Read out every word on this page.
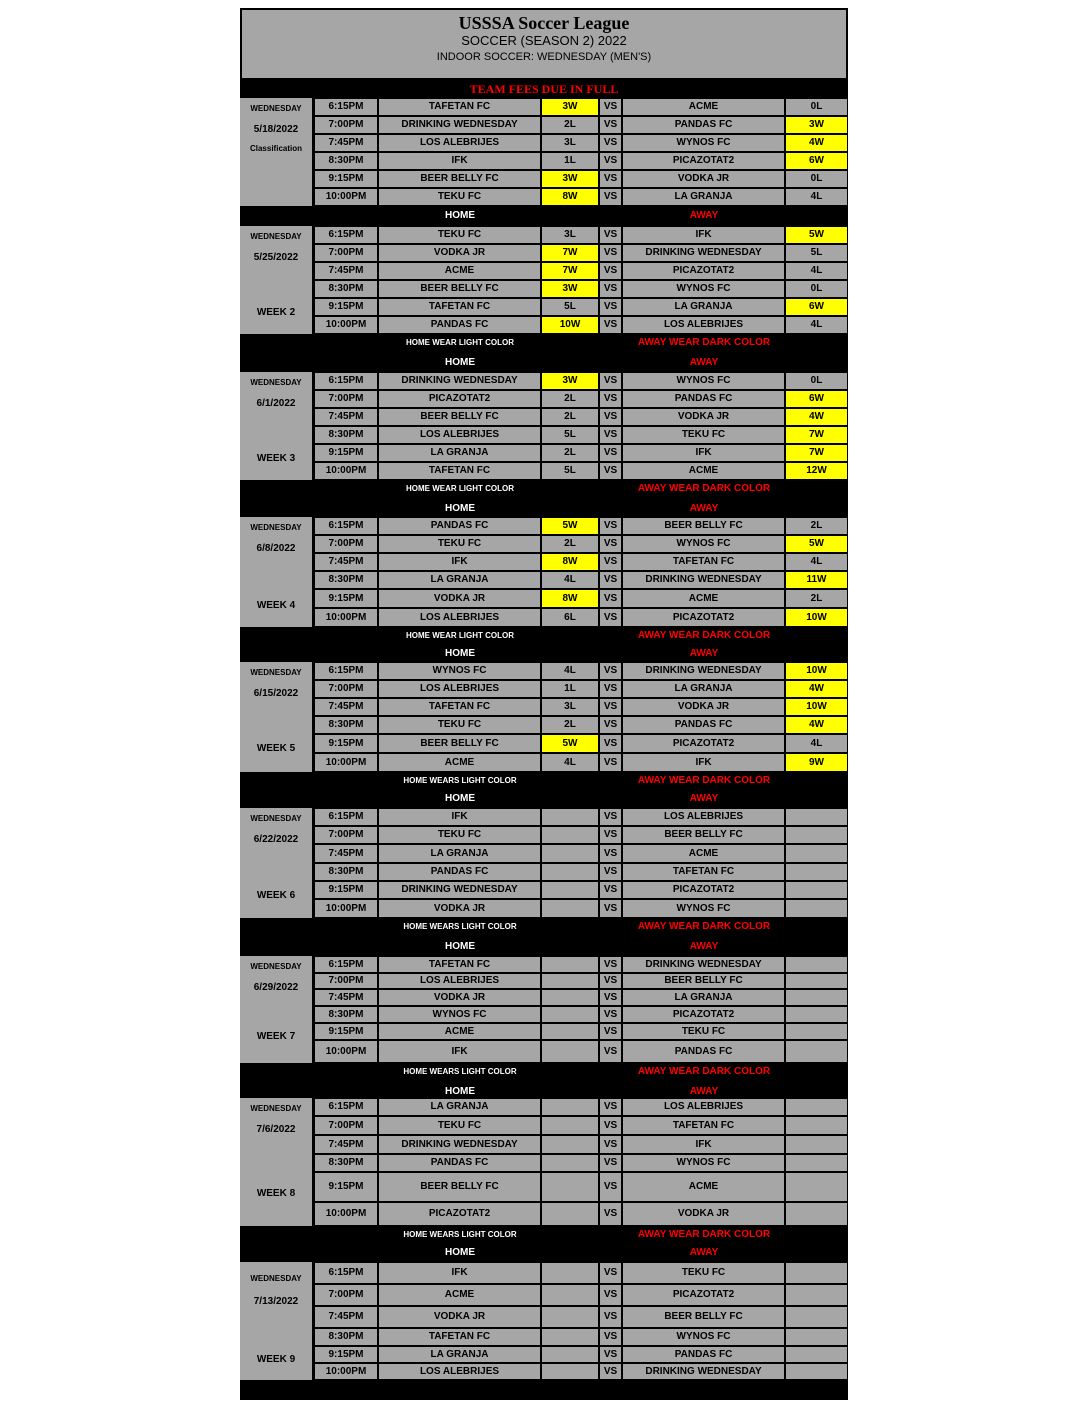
USSSA Soccer League
SOCCER (SEASON 2) 2022
INDOOR SOCCER: WEDNESDAY (MEN'S)
TEAM FEES DUE IN FULL
WEDNESDAY
5/18/2022
Classification
6:15PM	TAFETAN FC	3W	VS	ACME	0L
7:00PM	DRINKING WEDNESDAY	2L	VS	PANDAS FC	3W
7:45PM	LOS ALEBRIJES	3L	VS	WYNOS FC	4W
8:30PM	IFK	1L	VS	PICAZOTAT2	6W
9:15PM	BEER BELLY FC	3W	VS	VODKA JR	0L
10:00PM	TEKU FC	8W	VS	LA GRANJA	4L
HOME	AWAY
WEDNESDAY
5/25/2022
WEEK 2
6:15PM	TEKU FC	3L	VS	IFK	5W
7:00PM	VODKA JR	7W	VS	DRINKING WEDNESDAY	5L
7:45PM	ACME	7W	VS	PICAZOTAT2	4L
8:30PM	BEER BELLY FC	3W	VS	WYNOS FC	0L
9:15PM	TAFETAN FC	5L	VS	LA GRANJA	6W
10:00PM	PANDAS FC	10W	VS	LOS ALEBRIJES	4L
HOME WEAR LIGHT COLOR	AWAY WEAR DARK COLOR
HOME	AWAY
WEDNESDAY
6/1/2022
WEEK 3
6:15PM	DRINKING WEDNESDAY	3W	VS	WYNOS FC	0L
7:00PM	PICAZOTAT2	2L	VS	PANDAS FC	6W
7:45PM	BEER BELLY FC	2L	VS	VODKA JR	4W
8:30PM	LOS ALEBRIJES	5L	VS	TEKU FC	7W
9:15PM	LA GRANJA	2L	VS	IFK	7W
10:00PM	TAFETAN FC	5L	VS	ACME	12W
HOME WEAR LIGHT COLOR	AWAY WEAR DARK COLOR
HOME	AWAY
WEDNESDAY
6/8/2022
WEEK 4
6:15PM	PANDAS FC	5W	VS	BEER BELLY FC	2L
7:00PM	TEKU FC	2L	VS	WYNOS FC	5W
7:45PM	IFK	8W	VS	TAFETAN FC	4L
8:30PM	LA GRANJA	4L	VS	DRINKING WEDNESDAY	11W
9:15PM	VODKA JR	8W	VS	ACME	2L
10:00PM	LOS ALEBRIJES	6L	VS	PICAZOTAT2	10W
HOME WEAR LIGHT COLOR	AWAY WEAR DARK COLOR
HOME	AWAY
WEDNESDAY
6/15/2022
WEEK 5
6:15PM	WYNOS FC	4L	VS	DRINKING WEDNESDAY	10W
7:00PM	LOS ALEBRIJES	1L	VS	LA GRANJA	4W
7:45PM	TAFETAN FC	3L	VS	VODKA JR	10W
8:30PM	TEKU FC	2L	VS	PANDAS FC	4W
9:15PM	BEER BELLY FC	5W	VS	PICAZOTAT2	4L
10:00PM	ACME	4L	VS	IFK	9W
HOME WEARS LIGHT COLOR	AWAY WEAR DARK COLOR
HOME	AWAY
WEDNESDAY
6/22/2022
WEEK 6
6:15PM	IFK	VS	LOS ALEBRIJES
7:00PM	TEKU FC	VS	BEER BELLY FC
7:45PM	LA GRANJA	VS	ACME
8:30PM	PANDAS FC	VS	TAFETAN FC
9:15PM	DRINKING WEDNESDAY	VS	PICAZOTAT2
10:00PM	VODKA JR	VS	WYNOS FC
HOME WEARS LIGHT COLOR	AWAY WEAR DARK COLOR
HOME	AWAY
WEDNESDAY
6/29/2022
WEEK 7
6:15PM	TAFETAN FC	VS	DRINKING WEDNESDAY
7:00PM	LOS ALEBRIJES	VS	BEER BELLY FC
7:45PM	VODKA JR	VS	LA GRANJA
8:30PM	WYNOS FC	VS	PICAZOTAT2
9:15PM	ACME	VS	TEKU FC
10:00PM	IFK	VS	PANDAS FC
HOME WEARS LIGHT COLOR	AWAY WEAR DARK COLOR
HOME	AWAY
WEDNESDAY
7/6/2022
WEEK 8
6:15PM	LA GRANJA	VS	LOS ALEBRIJES
7:00PM	TEKU FC	VS	TAFETAN FC
7:45PM	DRINKING WEDNESDAY	VS	IFK
8:30PM	PANDAS FC	VS	WYNOS FC
9:15PM	BEER BELLY FC	VS	ACME
10:00PM	PICAZOTAT2	VS	VODKA JR
HOME WEARS LIGHT COLOR	AWAY WEAR DARK COLOR
HOME	AWAY
WEDNESDAY
7/13/2022
WEEK 9
6:15PM	IFK	VS	TEKU FC
7:00PM	ACME	VS	PICAZOTAT2
7:45PM	VODKA JR	VS	BEER BELLY FC
8:30PM	TAFETAN FC	VS	WYNOS FC
9:15PM	LA GRANJA	VS	PANDAS FC
10:00PM	LOS ALEBRIJES	VS	DRINKING WEDNESDAY
